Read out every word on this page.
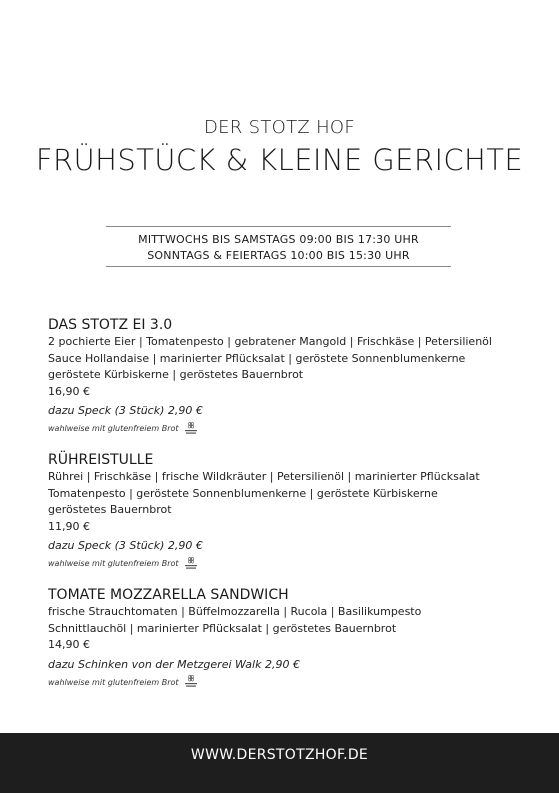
DER STOTZ HOF
FRÜHSTÜCK & KLEINE GERICHTE
MITTWOCHS BIS SAMSTAGS 09:00 BIS 17:30 UHR
SONNTAGS & FEIERTAGS 10:00 BIS 15:30 UHR

DAS STOTZ EI 3.0

2 pochierte Eier | Tomatenpesto | gebratener Mangold | Frischkäse | Petersilienöl

Sauce Hollandaise | marinierter Pflücksalat | geröstete Sonnenblumenkerne

geröstete Kürbiskerne | geröstetes Bauernbrot

16,90 €

dazu Speck (3 Stück) 2,90 €

wahlweise mit glutenfreiem Brot

RÜHREISTULLE

Rührei | Frischkäse | frische Wildkräuter | Petersilienöl | marinierter Pflücksalat

Tomatenpesto | geröstete Sonnenblumenkerne | geröstete Kürbiskerne

geröstetes Bauernbrot

11,90 €

dazu Speck (3 Stück) 2,90 €

wahlweise mit glutenfreiem Brot

TOMATE MOZZARELLA SANDWICH

frische Strauchtomaten | Büffelmozzarella | Rucola | Basilikumpesto

Schnittlauchöl | marinierter Pflücksalat | geröstetes Bauernbrot

14,90 €

dazu Schinken von der Metzgerei Walk 2,90 €

wahlweise mit glutenfreiem Brot
WWW.DERSTOTZHOF.DE
